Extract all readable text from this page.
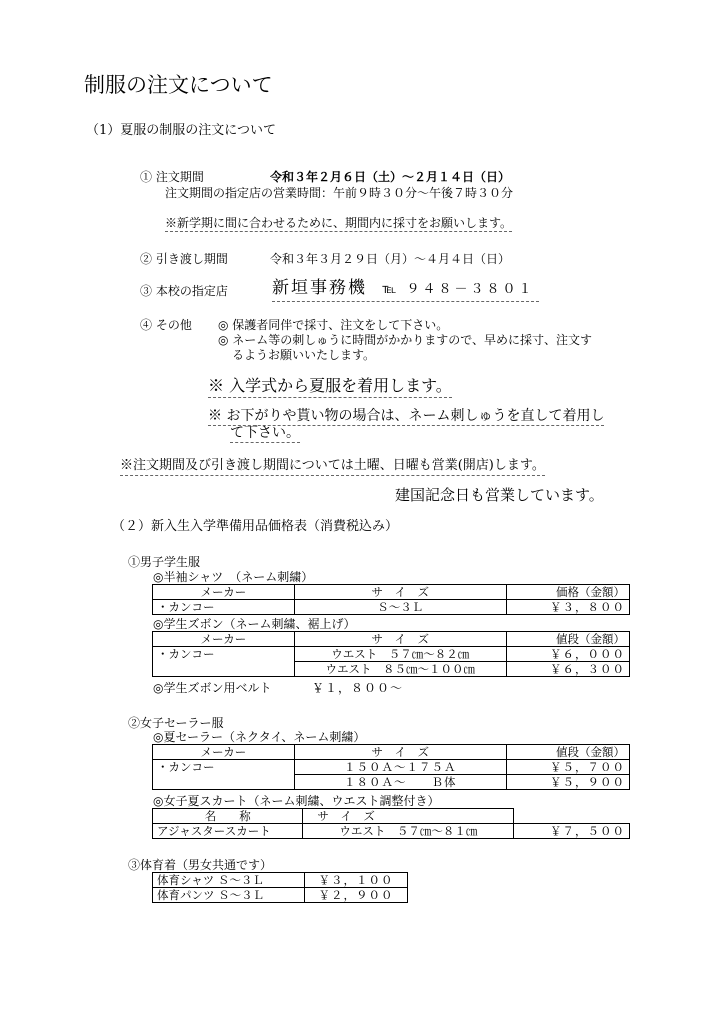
制服の注文について
（1）夏服の制服の注文について
① 注文期間	令和３年２月６日（土）～２月１４日（日）
注文期間の指定店の営業時間：午前９時３０分～午後７時３０分
※新学期に間に合わせるために、期間内に採寸をお願いします。
② 引き渡し期間	令和３年３月２９日（月）～４月４日（日）
③ 本校の指定店	新垣事務機 ℡ ９４８－３８０１
④ その他 ◎ 保護者同伴で採寸、注文をして下さい。
◎ ネーム等の刺しゅうに時間がかかりますので、早めに採寸、注文す
るようお願いいたします。
※ 入学式から夏服を着用します。
※ お下がりや貰い物の場合は、ネーム刺しゅうを直して着用し
て下さい。
※注文期間及び引き渡し期間については土曜、日曜も営業(開店)します。
建国記念日も営業しています。
（２）新入生入学準備用品価格表（消費税込み）
①男子学生服
◎半袖シャツ　（ネーム刺繍）
メーカー	サ　イ　ズ	価格（金額）
・カンコー	Ｓ～３Ｌ	￥３，８００
◎学生ズボン（ネーム刺繍、裾上げ）
メーカー	サ　イ　ズ	値段（金額）
・カンコー	ウエスト　５７㎝～８２㎝	￥６，０００
	ウエスト　８５㎝～１００㎝	￥６，３００
◎学生ズボン用ベルト	￥１，８００～
②女子セーラー服
◎夏セーラー（ネクタイ、ネーム刺繍）
メーカー	サ　イ　ズ	値段（金額）
・カンコー	１５０Ａ～１７５Ａ	￥５，７００
	１８０Ａ～　　Ｂ体	￥５，９００
◎女子夏スカート（ネーム刺繍、ウエスト調整付き）
名　　称	サ　イ　ズ	
アジャスタースカート	ウエスト　５７㎝～８１㎝	￥７，５００
③体育着（男女共通です）
体育シャツ Ｓ～３Ｌ	￥３，１００
体育パンツ Ｓ～３Ｌ	￥２，９００
